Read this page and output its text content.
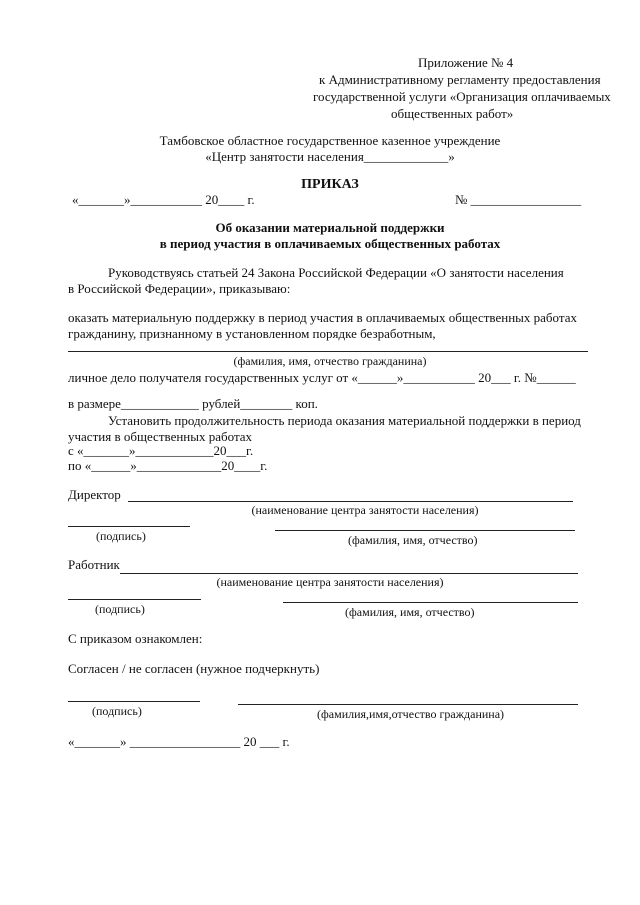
Приложение № 4
к Административному регламенту предоставления
государственной услуги «Организация оплачиваемых
общественных работ»
Тамбовское областное государственное казенное учреждение
«Центр занятости населения_____________»
ПРИКАЗ
«_______»___________ 20____ г.	№ _________________
Об оказании материальной поддержки
в период участия в оплачиваемых общественных работах
Руководствуясь статьей 24 Закона Российской Федерации «О занятости населения
в Российской Федерации», приказываю:
оказать материальную поддержку в период участия в оплачиваемых общественных работах
гражданину, признанному в установленном порядке безработным,
(фамилия, имя, отчество гражданина)
личное дело получателя государственных услуг от «______»___________ 20___ г. №______
в размере____________ рублей________ коп.
Установить продолжительность периода оказания материальной поддержки в период
участия в общественных работах
с «_______»____________20___г.
по «______»_____________20____г.
Директор
(наименование центра занятости населения)
(подпись)	(фамилия, имя, отчество)
Работник
(наименование центра занятости населения)
(подпись)	(фамилия, имя, отчество)
С приказом ознакомлен:
Согласен / не согласен (нужное подчеркнуть)
(подпись)	(фамилия,имя,отчество гражданина)
«_______» _________________ 20 ___ г.
